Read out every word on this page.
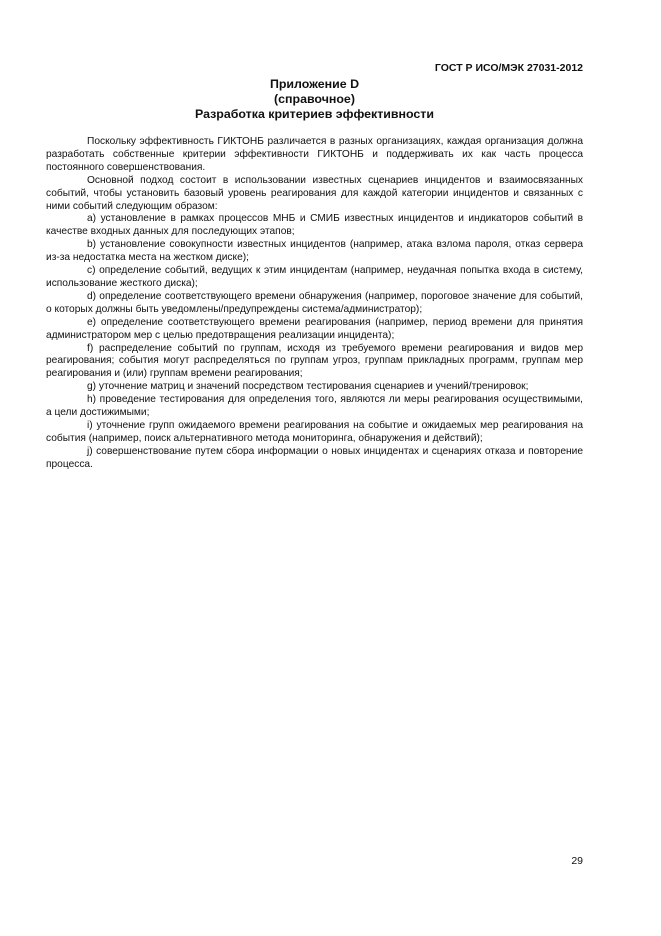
ГОСТ Р ИСО/МЭК 27031-2012
Приложение D
(справочное)
Разработка критериев эффективности

Поскольку эффективность ГИКТОНБ различается в разных организациях, каждая организация должна разработать собственные критерии эффективности ГИКТОНБ и поддерживать их как часть процесса постоянного совершенствования.

Основной подход состоит в использовании известных сценариев инцидентов и взаимосвязанных событий, чтобы установить базовый уровень реагирования для каждой категории инцидентов и связанных с ними событий следующим образом:

a) установление в рамках процессов МНБ и СМИБ известных инцидентов и индикаторов событий в качестве входных данных для последующих этапов;

b) установление совокупности известных инцидентов (например, атака взлома пароля, отказ сервера из-за недостатка места на жестком диске);

c) определение событий, ведущих к этим инцидентам (например, неудачная попытка входа в систему, использование жесткого диска);

d) определение соответствующего времени обнаружения (например, пороговое значение для событий, о которых должны быть уведомлены/предупреждены система/администратор);

e) определение соответствующего времени реагирования (например, период времени для принятия администратором мер с целью предотвращения реализации инцидента);

f) распределение событий по группам, исходя из требуемого времени реагирования и видов мер реагирования; события могут распределяться по группам угроз, группам прикладных программ, группам мер реагирования и (или) группам времени реагирования;

g) уточнение матриц и значений посредством тестирования сценариев и учений/тренировок;

h) проведение тестирования для определения того, являются ли меры реагирования осуществимыми, а цели достижимыми;

i) уточнение групп ожидаемого времени реагирования на событие и ожидаемых мер реагирования на события (например, поиск альтернативного метода мониторинга, обнаружения и действий);

j) совершенствование путем сбора информации о новых инцидентах и сценариях отказа и повторение процесса.

29
